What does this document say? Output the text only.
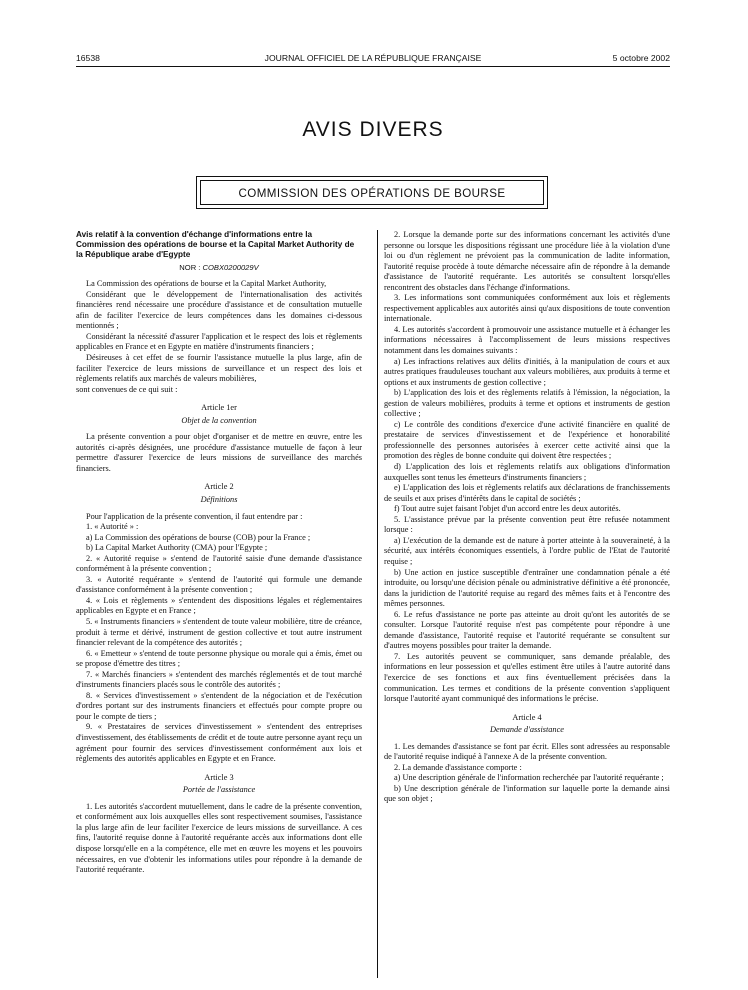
16538	JOURNAL OFFICIEL DE LA RÉPUBLIQUE FRANÇAISE	5 octobre 2002
AVIS DIVERS
COMMISSION DES OPÉRATIONS DE BOURSE
Avis relatif à la convention d'échange d'informations entre la Commission des opérations de bourse et la Capital Market Authority de la République arabe d'Egypte
NOR : COBX0200029V

La Commission des opérations de bourse et la Capital Market Authority,

Considérant que le développement de l'internationalisation des activités financières rend nécessaire une procédure d'assistance et de consultation mutuelle afin de faciliter l'exercice de leurs compétences dans les domaines ci-dessous mentionnés ;

Considérant la nécessité d'assurer l'application et le respect des lois et règlements applicables en France et en Egypte en matière d'instruments financiers ;

Désireuses à cet effet de se fournir l'assistance mutuelle la plus large, afin de faciliter l'exercice de leurs missions de surveillance et un respect des lois et règlements relatifs aux marchés de valeurs mobilières,

sont convenues de ce qui suit :

Article 1er
Objet de la convention

La présente convention a pour objet d'organiser et de mettre en œuvre, entre les autorités ci-après désignées, une procédure d'assistance mutuelle de façon à leur permettre d'assurer l'exercice de leurs missions de surveillance des marchés financiers.

Article 2
Définitions

Pour l'application de la présente convention, il faut entendre par :

1. « Autorité » :

a) La Commission des opérations de bourse (COB) pour la France ;

b) La Capital Market Authority (CMA) pour l'Egypte ;

2. « Autorité requise » s'entend de l'autorité saisie d'une demande d'assistance conformément à la présente convention ;

3. « Autorité requérante » s'entend de l'autorité qui formule une demande d'assistance conformément à la présente convention ;

4. « Lois et règlements » s'entendent des dispositions légales et réglementaires applicables en Egypte et en France ;

5. « Instruments financiers » s'entendent de toute valeur mobilière, titre de créance, produit à terme et dérivé, instrument de gestion collective et tout autre instrument financier relevant de la compétence des autorités ;

6. « Emetteur » s'entend de toute personne physique ou morale qui a émis, émet ou se propose d'émettre des titres ;

7. « Marchés financiers » s'entendent des marchés réglementés et de tout marché d'instruments financiers placés sous le contrôle des autorités ;

8. « Services d'investissement » s'entendent de la négociation et de l'exécution d'ordres portant sur des instruments financiers et effectués pour compte propre ou pour le compte de tiers ;

9. « Prestataires de services d'investissement » s'entendent des entreprises d'investissement, des établissements de crédit et de toute autre personne ayant reçu un agrément pour fournir des services d'investissement conformément aux lois et règlements des autorités applicables en Egypte et en France.

Article 3
Portée de l'assistance

1. Les autorités s'accordent mutuellement, dans le cadre de la présente convention, et conformément aux lois auxquelles elles sont respectivement soumises, l'assistance la plus large afin de leur faciliter l'exercice de leurs missions de surveillance. A ces fins, l'autorité requise donne à l'autorité requérante accès aux informations dont elle dispose lorsqu'elle en a la compétence, elle met en œuvre les moyens et les pouvoirs nécessaires, en vue d'obtenir les informations utiles pour répondre à la demande de l'autorité requérante.

2. Lorsque la demande porte sur des informations concernant les activités d'une personne ou lorsque les dispositions régissant une procédure liée à la violation d'une loi ou d'un règlement ne prévoient pas la communication de ladite information, l'autorité requise procède à toute démarche nécessaire afin de répondre à la demande d'assistance de l'autorité requérante. Les autorités se consultent lorsqu'elles rencontrent des obstacles dans l'échange d'informations.

3. Les informations sont communiquées conformément aux lois et règlements respectivement applicables aux autorités ainsi qu'aux dispositions de toute convention internationale.

4. Les autorités s'accordent à promouvoir une assistance mutuelle et à échanger les informations nécessaires à l'accomplissement de leurs missions respectives notamment dans les domaines suivants :

a) Les infractions relatives aux délits d'initiés, à la manipulation de cours et aux autres pratiques frauduleuses touchant aux valeurs mobilières, aux produits à terme et options et aux instruments de gestion collective ;

b) L'application des lois et des règlements relatifs à l'émission, la négociation, la gestion de valeurs mobilières, produits à terme et options et instruments de gestion collective ;

c) Le contrôle des conditions d'exercice d'une activité financière en qualité de prestataire de services d'investissement et de l'expérience et honorabilité professionnelle des personnes autorisées à exercer cette activité ainsi que la promotion des règles de bonne conduite qui doivent être respectées ;

d) L'application des lois et règlements relatifs aux obligations d'information auxquelles sont tenus les émetteurs d'instruments financiers ;

e) L'application des lois et règlements relatifs aux déclarations de franchissements de seuils et aux prises d'intérêts dans le capital de sociétés ;

f) Tout autre sujet faisant l'objet d'un accord entre les deux autorités.

5. L'assistance prévue par la présente convention peut être refusée notamment lorsque :

a) L'exécution de la demande est de nature à porter atteinte à la souveraineté, à la sécurité, aux intérêts économiques essentiels, à l'ordre public de l'Etat de l'autorité requise ;

b) Une action en justice susceptible d'entraîner une condamnation pénale a été introduite, ou lorsqu'une décision pénale ou administrative définitive a été prononcée, dans la juridiction de l'autorité requise au regard des mêmes faits et à l'encontre des mêmes personnes.

6. Le refus d'assistance ne porte pas atteinte au droit qu'ont les autorités de se consulter. Lorsque l'autorité requise n'est pas compétente pour répondre à une demande d'assistance, l'autorité requise et l'autorité requérante se consultent sur d'autres moyens possibles pour traiter la demande.

7. Les autorités peuvent se communiquer, sans demande préalable, des informations en leur possession et qu'elles estiment être utiles à l'autre autorité dans l'exercice de ses fonctions et aux fins éventuellement précisées dans la communication. Les termes et conditions de la présente convention s'appliquent lorsque l'autorité ayant communiqué des informations le précise.

Article 4
Demande d'assistance

1. Les demandes d'assistance se font par écrit. Elles sont adressées au responsable de l'autorité requise indiqué à l'annexe A de la présente convention.

2. La demande d'assistance comporte :

a) Une description générale de l'information recherchée par l'autorité requérante ;

b) Une description générale de l'information sur laquelle porte la demande ainsi que son objet ;
